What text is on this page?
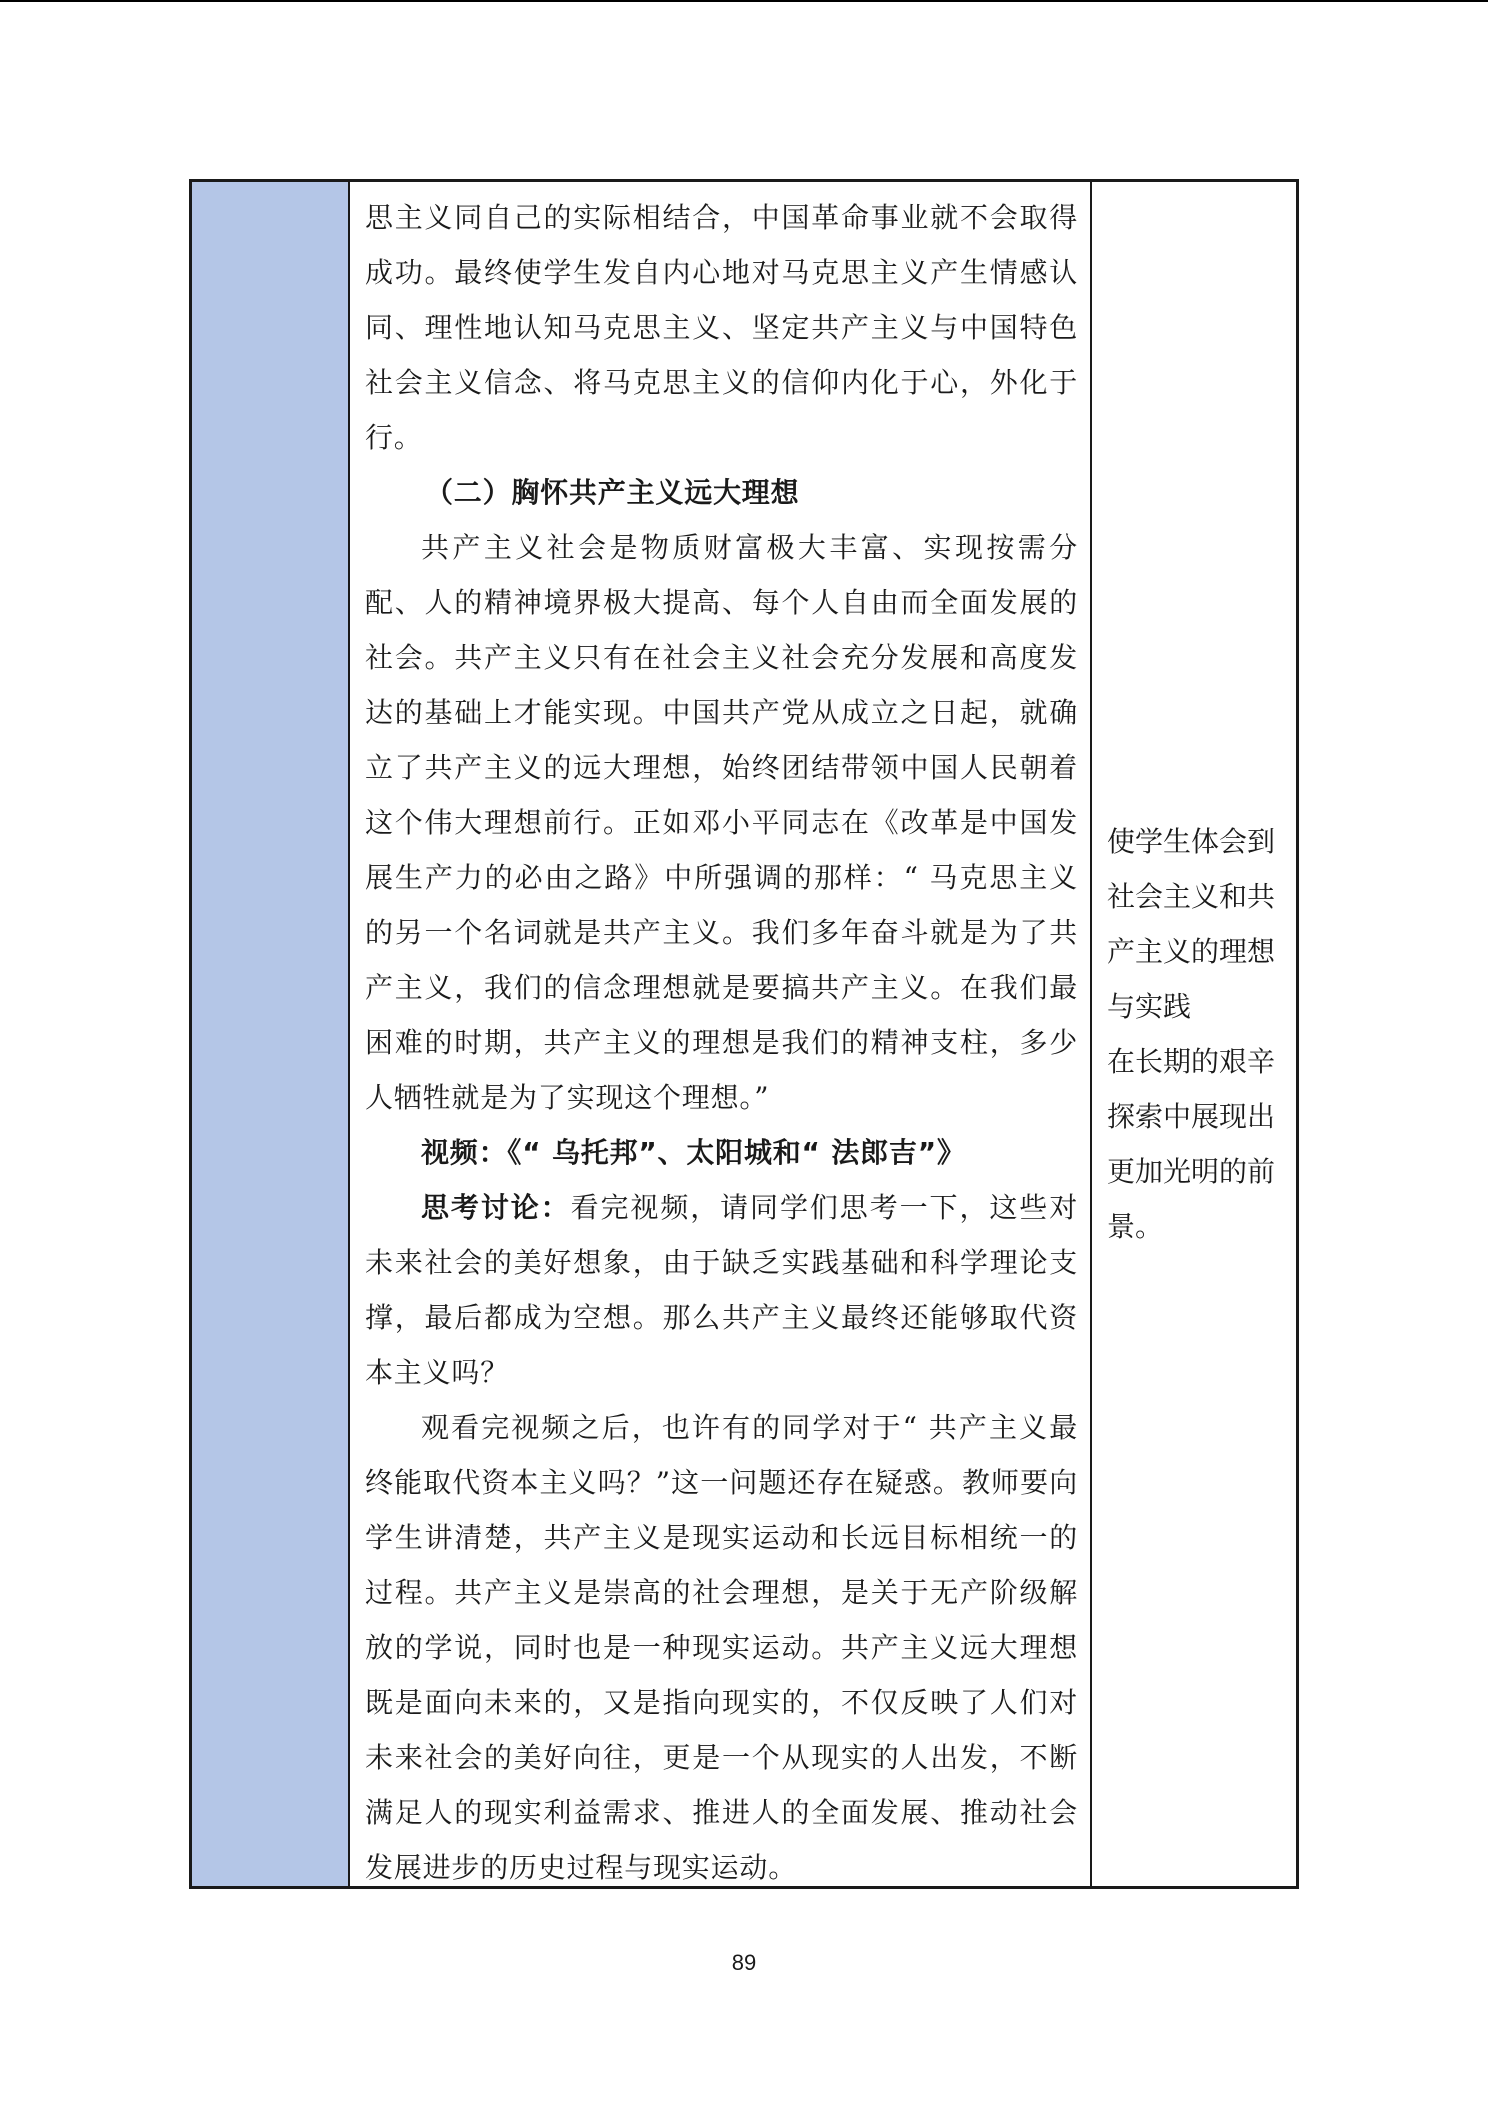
思主义同自己的实际相结合，中国革命事业就不会取得成功。最终使学生发自内心地对马克思主义产生情感认同、理性地认知马克思主义、坚定共产主义与中国特色社会主义信念、将马克思主义的信仰内化于心，外化于行。

（二）胸怀共产主义远大理想

共产主义社会是物质财富极大丰富、实现按需分配、人的精神境界极大提高、每个人自由而全面发展的社会。共产主义只有在社会主义社会充分发展和高度发达的基础上才能实现。中国共产党从成立之日起，就确立了共产主义的远大理想，始终团结带领中国人民朝着这个伟大理想前行。正如邓小平同志在《改革是中国发展生产力的必由之路》中所强调的那样：“ 马克思主义的另一个名词就是共产主义。我们多年奋斗就是为了共产主义，我们的信念理想就是要搞共产主义。在我们最困难的时期，共产主义的理想是我们的精神支柱，多少人牺牲就是为了实现这个理想。”

视频：《“ 乌托邦”、太阳城和“ 法郎吉”》

思考讨论：看完视频，请同学们思考一下，这些对未来社会的美好想象，由于缺乏实践基础和科学理论支撑，最后都成为空想。那么共产主义最终还能够取代资本主义吗？

观看完视频之后，也许有的同学对于“ 共产主义最终能取代资本主义吗？”这一问题还存在疑惑。教师要向学生讲清楚，共产主义是现实运动和长远目标相统一的过程。共产主义是崇高的社会理想，是关于无产阶级解放的学说，同时也是一种现实运动。共产主义远大理想既是面向未来的，又是指向现实的，不仅反映了人们对未来社会的美好向往，更是一个从现实的人出发，不断满足人的现实利益需求、推进人的全面发展、推动社会发展进步的历史过程与现实运动。

使学生体会到社会主义和共产主义的理想与实践

在长期的艰辛探索中展现出更加光明的前景。

89
